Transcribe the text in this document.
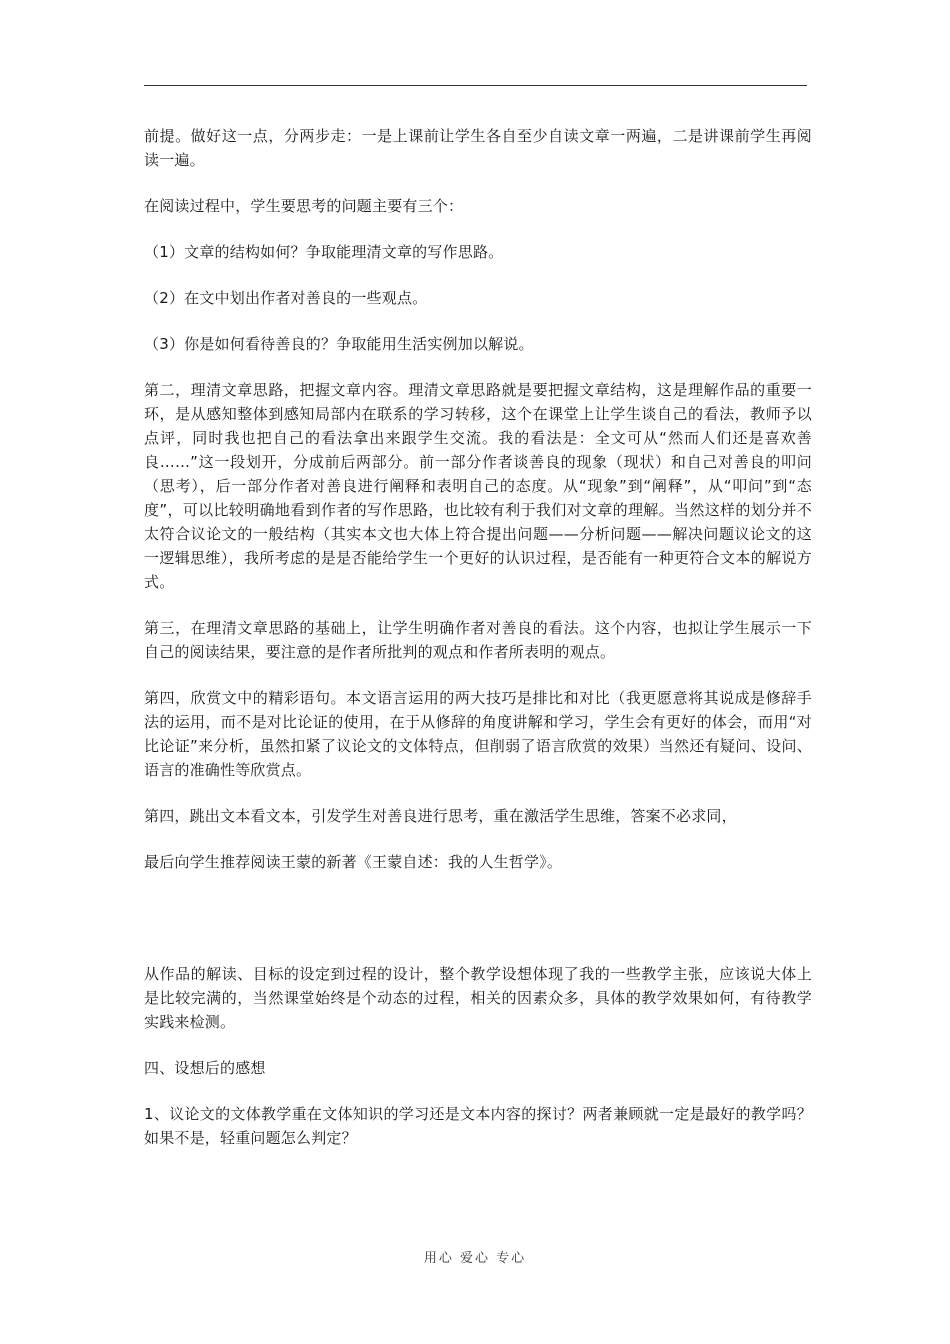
前提。做好这一点，分两步走：一是上课前让学生各自至少自读文章一两遍，二是讲课前学生再阅读一遍。

在阅读过程中，学生要思考的问题主要有三个：

（1）文章的结构如何？争取能理清文章的写作思路。

（2）在文中划出作者对善良的一些观点。

（3）你是如何看待善良的？争取能用生活实例加以解说。

第二，理清文章思路，把握文章内容。理清文章思路就是要把握文章结构，这是理解作品的重要一环，是从感知整体到感知局部内在联系的学习转移，这个在课堂上让学生谈自己的看法，教师予以点评，同时我也把自己的看法拿出来跟学生交流。我的看法是：全文可从“然而人们还是喜欢善良……”这一段划开，分成前后两部分。前一部分作者谈善良的现象（现状）和自己对善良的叩问（思考），后一部分作者对善良进行阐释和表明自己的态度。从“现象”到“阐释”，从“叩问”到“态度”，可以比较明确地看到作者的写作思路，也比较有利于我们对文章的理解。当然这样的划分并不太符合议论文的一般结构（其实本文也大体上符合提出问题——分析问题——解决问题议论文的这一逻辑思维），我所考虑的是是否能给学生一个更好的认识过程，是否能有一种更符合文本的解说方式。

第三，在理清文章思路的基础上，让学生明确作者对善良的看法。这个内容，也拟让学生展示一下自己的阅读结果，要注意的是作者所批判的观点和作者所表明的观点。

第四，欣赏文中的精彩语句。本文语言运用的两大技巧是排比和对比（我更愿意将其说成是修辞手法的运用，而不是对比论证的使用，在于从修辞的角度讲解和学习，学生会有更好的体会，而用“对比论证”来分析，虽然扣紧了议论文的文体特点，但削弱了语言欣赏的效果）当然还有疑问、设问、语言的准确性等欣赏点。

第四，跳出文本看文本，引发学生对善良进行思考，重在激活学生思维，答案不必求同，

最后向学生推荐阅读王蒙的新著《王蒙自述：我的人生哲学》。

从作品的解读、目标的设定到过程的设计，整个教学设想体现了我的一些教学主张，应该说大体上是比较完满的，当然课堂始终是个动态的过程，相关的因素众多，具体的教学效果如何，有待教学实践来检测。

四、设想后的感想

1、议论文的文体教学重在文体知识的学习还是文本内容的探讨？两者兼顾就一定是最好的教学吗？如果不是，轻重问题怎么判定？

用心 爱心 专心
